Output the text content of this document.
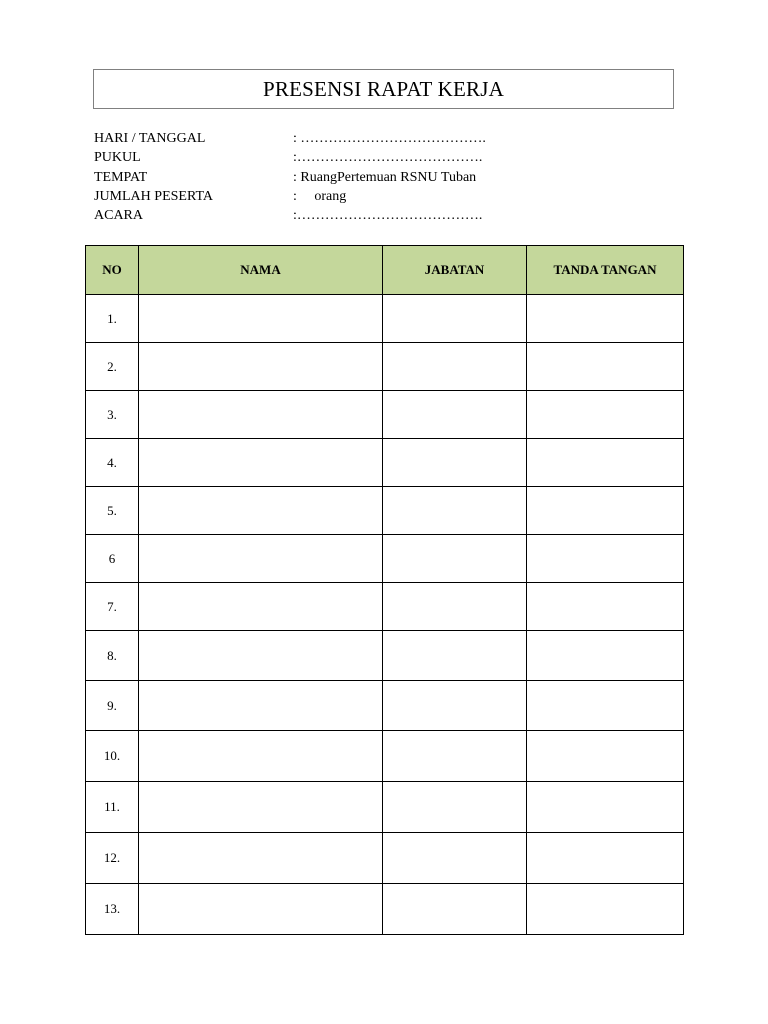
PRESENSI RAPAT KERJA
HARI / TANGGAL	: ………………………………….
PUKUL	:………………………………….
TEMPAT	: RuangPertemuan RSNU Tuban
JUMLAH PESERTA	:     orang
ACARA	:………………………………….
NO	NAMA	JABATAN	TANDA TANGAN
1.			
2.			
3.			
4.			
5.			
6			
7.			
8.			
9.			
10.			
11.			
12.			
13.			
